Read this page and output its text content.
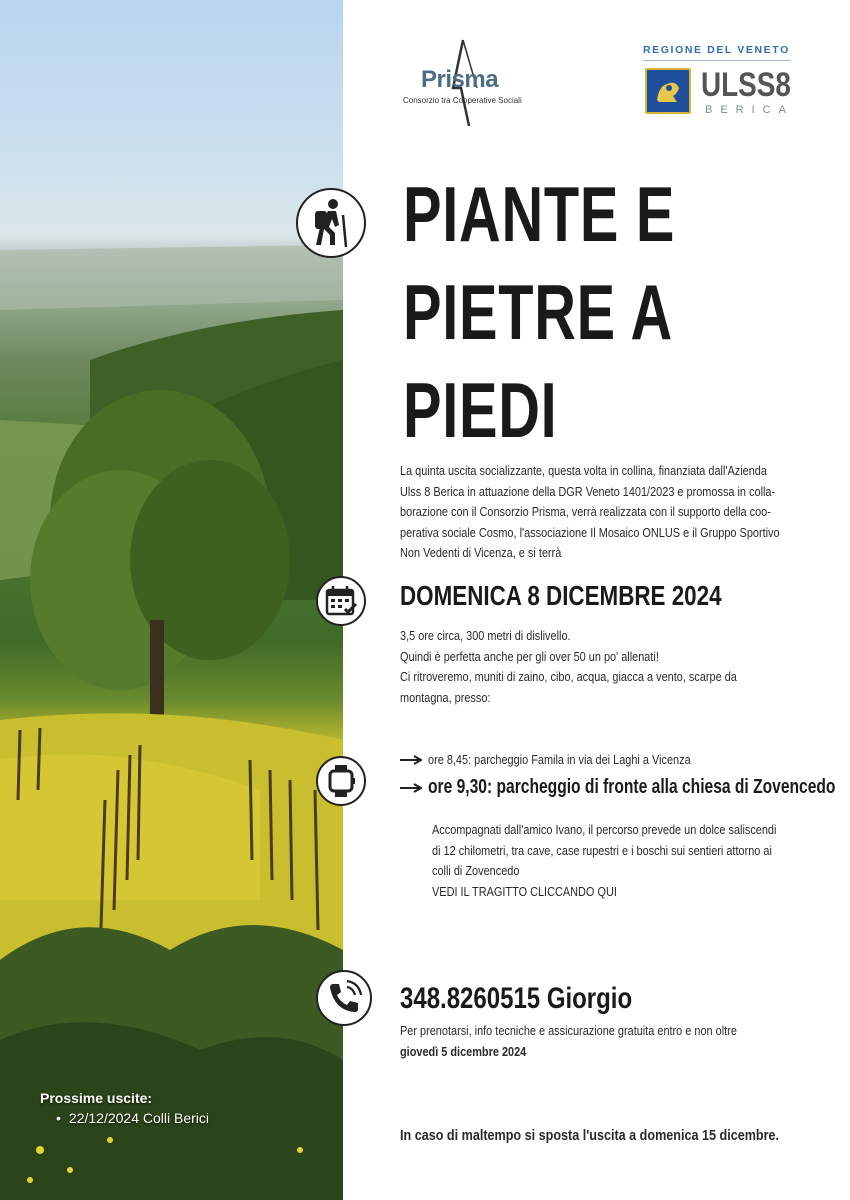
Prossime uscite:
• 22/12/2024 Colli Berici
Prisma
Consorzio tra Cooperative Sociali
REGIONE DEL VENETO
ULSS8
BERICA
PIANTE E
PIETRE A
PIEDI
La quinta uscita socializzante, questa volta in collina, finanziata dall'Azienda
Ulss 8 Berica in attuazione della DGR Veneto 1401/2023 e promossa in colla-
borazione con il Consorzio Prisma, verrà realizzata con il supporto della coo-
perativa sociale Cosmo, l'associazione Il Mosaico ONLUS e il Gruppo Sportivo
Non Vedenti di Vicenza, e si terrà
DOMENICA 8 DICEMBRE 2024
3,5 ore circa, 300 metri di dislivello.
Quindi è perfetta anche per gli over 50 un po' allenati!
Ci ritroveremo, muniti di zaino, cibo, acqua, giacca a vento, scarpe da
montagna, presso:
ore 8,45: parcheggio Famila in via dei Laghi a Vicenza
ore 9,30: parcheggio di fronte alla chiesa di Zovencedo
Accompagnati dall'amico Ivano, il percorso prevede un dolce saliscendi
di 12 chilometri, tra cave, case rupestri e i boschi sui sentieri attorno ai
colli di Zovencedo
VEDI IL TRAGITTO CLICCANDO QUI
348.8260515 Giorgio
Per prenotarsi, info tecniche e assicurazione gratuita entro e non oltre
giovedì 5 dicembre 2024
In caso di maltempo si sposta l'uscita a domenica 15 dicembre.
